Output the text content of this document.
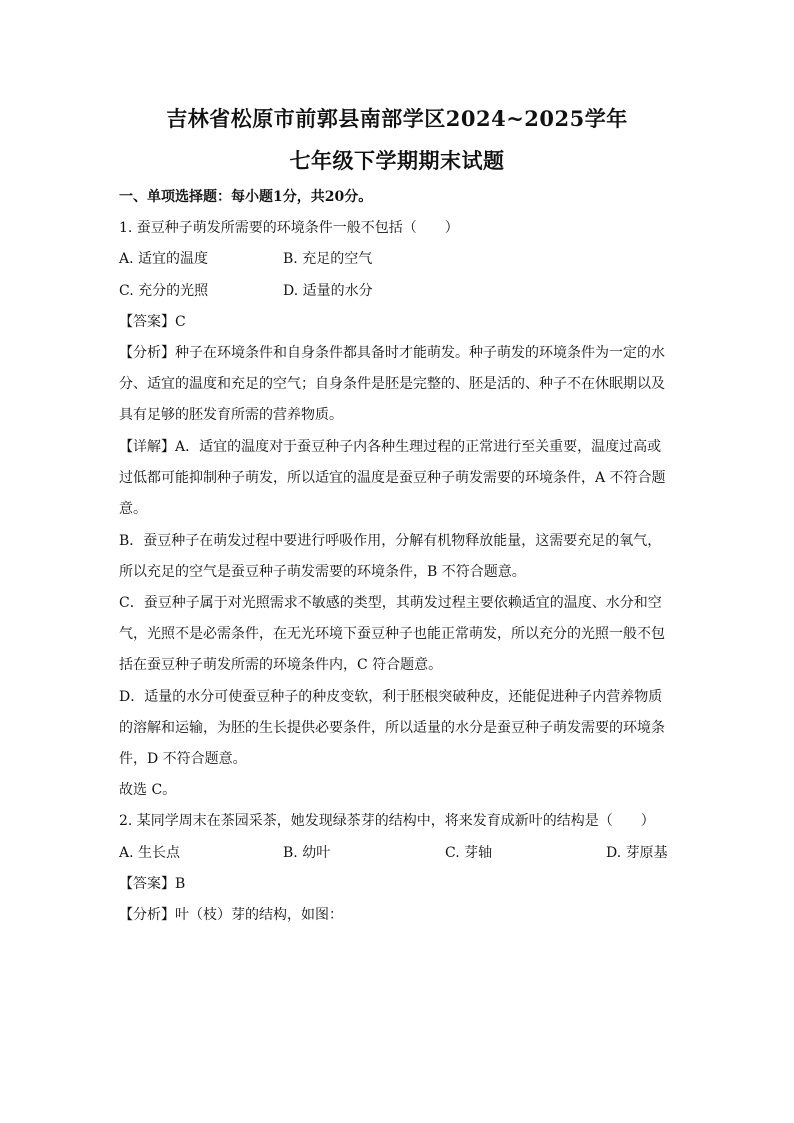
吉林省松原市前郭县南部学区2024~2025学年
七年级下学期期末试题
一、单项选择题：每小题1分，共20分。
1. 蚕豆种子萌发所需要的环境条件一般不包括（　　）
A. 适宜的温度	B. 充足的空气
C. 充分的光照	D. 适量的水分
【答案】C
【分析】种子在环境条件和自身条件都具备时才能萌发。种子萌发的环境条件为一定的水
分、适宜的温度和充足的空气；自身条件是胚是完整的、胚是活的、种子不在休眠期以及
具有足够的胚发育所需的营养物质。
【详解】A．适宜的温度对于蚕豆种子内各种生理过程的正常进行至关重要，温度过高或
过低都可能抑制种子萌发，所以适宜的温度是蚕豆种子萌发需要的环境条件，A 不符合题
意。
B．蚕豆种子在萌发过程中要进行呼吸作用，分解有机物释放能量，这需要充足的氧气，
所以充足的空气是蚕豆种子萌发需要的环境条件，B 不符合题意。
C．蚕豆种子属于对光照需求不敏感的类型，其萌发过程主要依赖适宜的温度、水分和空
气，光照不是必需条件，在无光环境下蚕豆种子也能正常萌发，所以充分的光照一般不包
括在蚕豆种子萌发所需的环境条件内，C 符合题意。
D．适量的水分可使蚕豆种子的种皮变软，利于胚根突破种皮，还能促进种子内营养物质
的溶解和运输，为胚的生长提供必要条件，所以适量的水分是蚕豆种子萌发需要的环境条
件，D 不符合题意。
故选 C。
2. 某同学周末在茶园采茶，她发现绿茶芽的结构中，将来发育成新叶的结构是（　　）
A. 生长点	B. 幼叶	C. 芽轴	D. 芽原基
【答案】B
【分析】叶（枝）芽的结构，如图：
